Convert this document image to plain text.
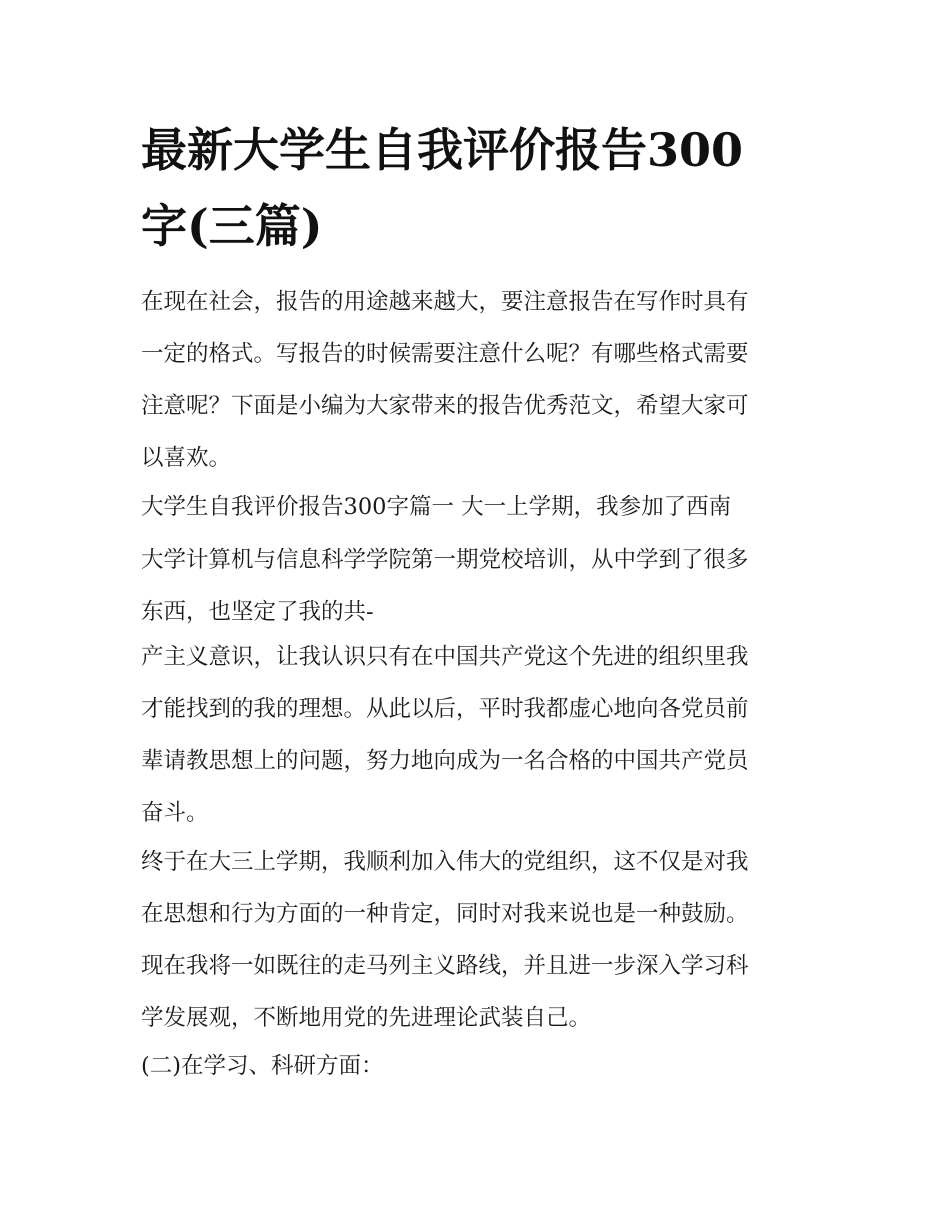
最新大学生自我评价报告300
字(三篇)

在现在社会，报告的用途越来越大，要注意报告在写作时具有
一定的格式。写报告的时候需要注意什么呢？有哪些格式需要
注意呢？下面是小编为大家带来的报告优秀范文，希望大家可
以喜欢。

大学生自我评价报告300字篇一 大一上学期，我参加了西南

大学计算机与信息科学学院第一期党校培训，从中学到了很多
东西，也坚定了我的共-

产主义意识，让我认识只有在中国共产党这个先进的组织里我
才能找到的我的理想。从此以后，平时我都虚心地向各党员前
辈请教思想上的问题，努力地向成为一名合格的中国共产党员
奋斗。

终于在大三上学期，我顺利加入伟大的党组织，这不仅是对我
在思想和行为方面的一种肯定，同时对我来说也是一种鼓励。
现在我将一如既往的走马列主义路线，并且进一步深入学习科
学发展观，不断地用党的先进理论武装自己。

(二)在学习、科研方面：
